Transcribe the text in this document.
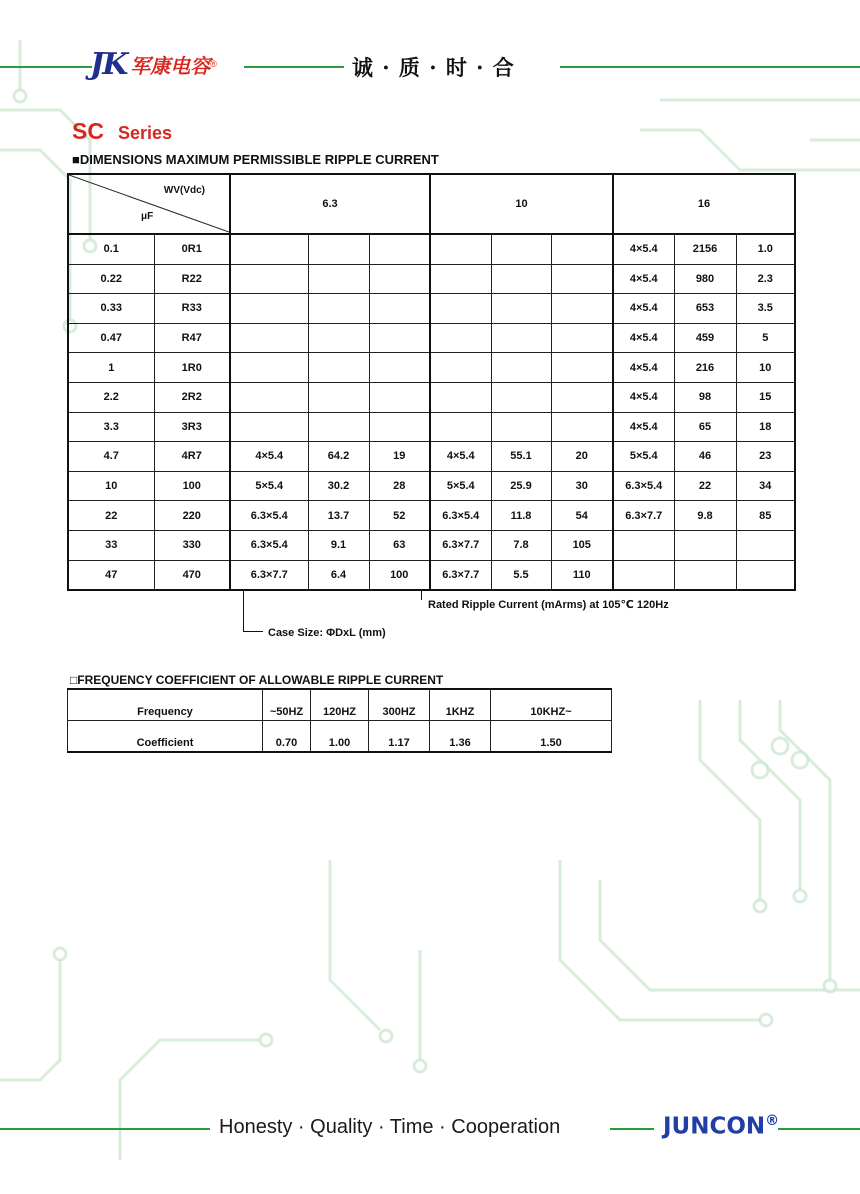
JK 军康电容 ®	诚 · 质 · 时 · 合
SC Series
■DIMENSIONS MAXIMUM PERMISSIBLE RIPPLE CURRENT
WV(Vdc)
μF		6.3			10			16		
0.1	0R1							4×5.4	2156	1.0
0.22	R22							4×5.4	980	2.3
0.33	R33							4×5.4	653	3.5
0.47	R47							4×5.4	459	5
1	1R0							4×5.4	216	10
2.2	2R2							4×5.4	98	15
3.3	3R3							4×5.4	65	18
4.7	4R7	4×5.4	64.2	19	4×5.4	55.1	20	5×5.4	46	23
10	100	5×5.4	30.2	28	5×5.4	25.9	30	6.3×5.4	22	34
22	220	6.3×5.4	13.7	52	6.3×5.4	11.8	54	6.3×7.7	9.8	85
33	330	6.3×5.4	9.1	63	6.3×7.7	7.8	105			
47	470	6.3×7.7	6.4	100	6.3×7.7	5.5	110			
Rated Ripple Current (mArms) at 105℃ 120Hz
Case Size: ΦDxL (mm)
□FREQUENCY COEFFICIENT OF ALLOWABLE RIPPLE CURRENT
Frequency	~50HZ	120HZ	300HZ	1KHZ	10KHZ~
Coefficient	0.70	1.00	1.17	1.36	1.50
Honesty · Quality · Time · Cooperation	JUNCON®
